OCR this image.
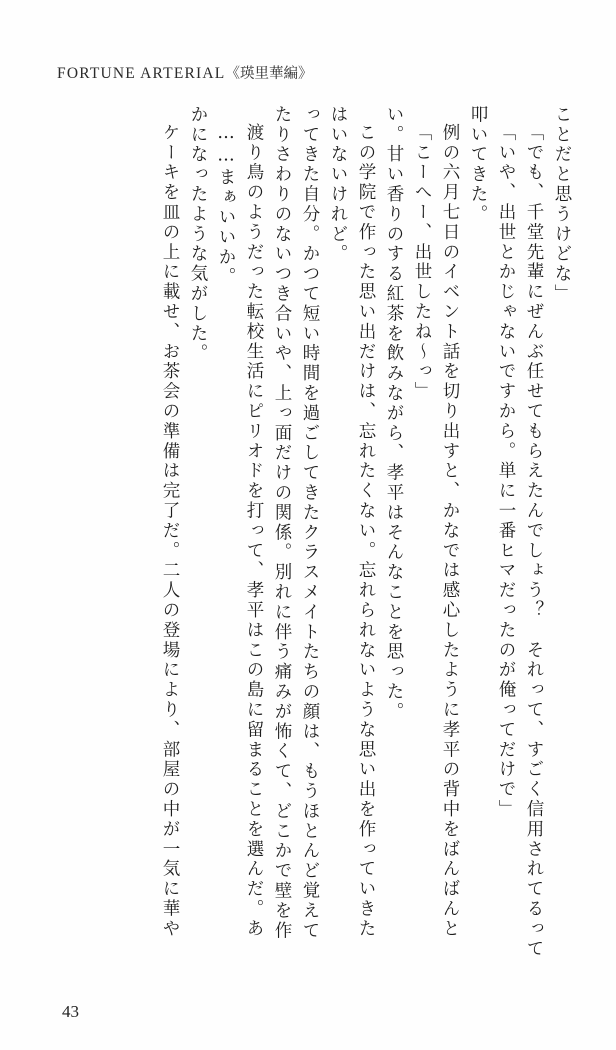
FORTUNE ARTERIAL《瑛里華編》
ケーキを皿の上に載せ、お茶会の準備は完了だ。二人の登場により、部屋の中が一気に華や かになったような気がした。 ……まぁいいか。 渡り鳥のようだった転校生活にピリオドを打って、孝平はこの島に留まることを選んだ。あ たりさわりのないつき合いや、上っ面だけの関係。別れに伴う痛みが怖くて、どこかで壁を作 ってきた自分。かつて短い時間を過ごしてきたクラスメイトたちの顔は、もうほとんど覚えて はいないけれど。 この学院で作った思い出だけは、忘れたくない。忘れられないような思い出を作っていきた い。甘い香りのする紅茶を飲みながら、孝平はそんなことを思った。 「こーへー、出世したね〜っ」 例の六月七日のイベント話を切り出すと、かなでは感心したように孝平の背中をばんばんと 叩いてきた。 「いや、出世とかじゃないですから。単に一番ヒマだったのが俺ってだけで」 「でも、千堂先輩にぜんぶ任せてもらえたんでしょう？　それって、すごく信用されてるって ことだと思うけどな」
43
